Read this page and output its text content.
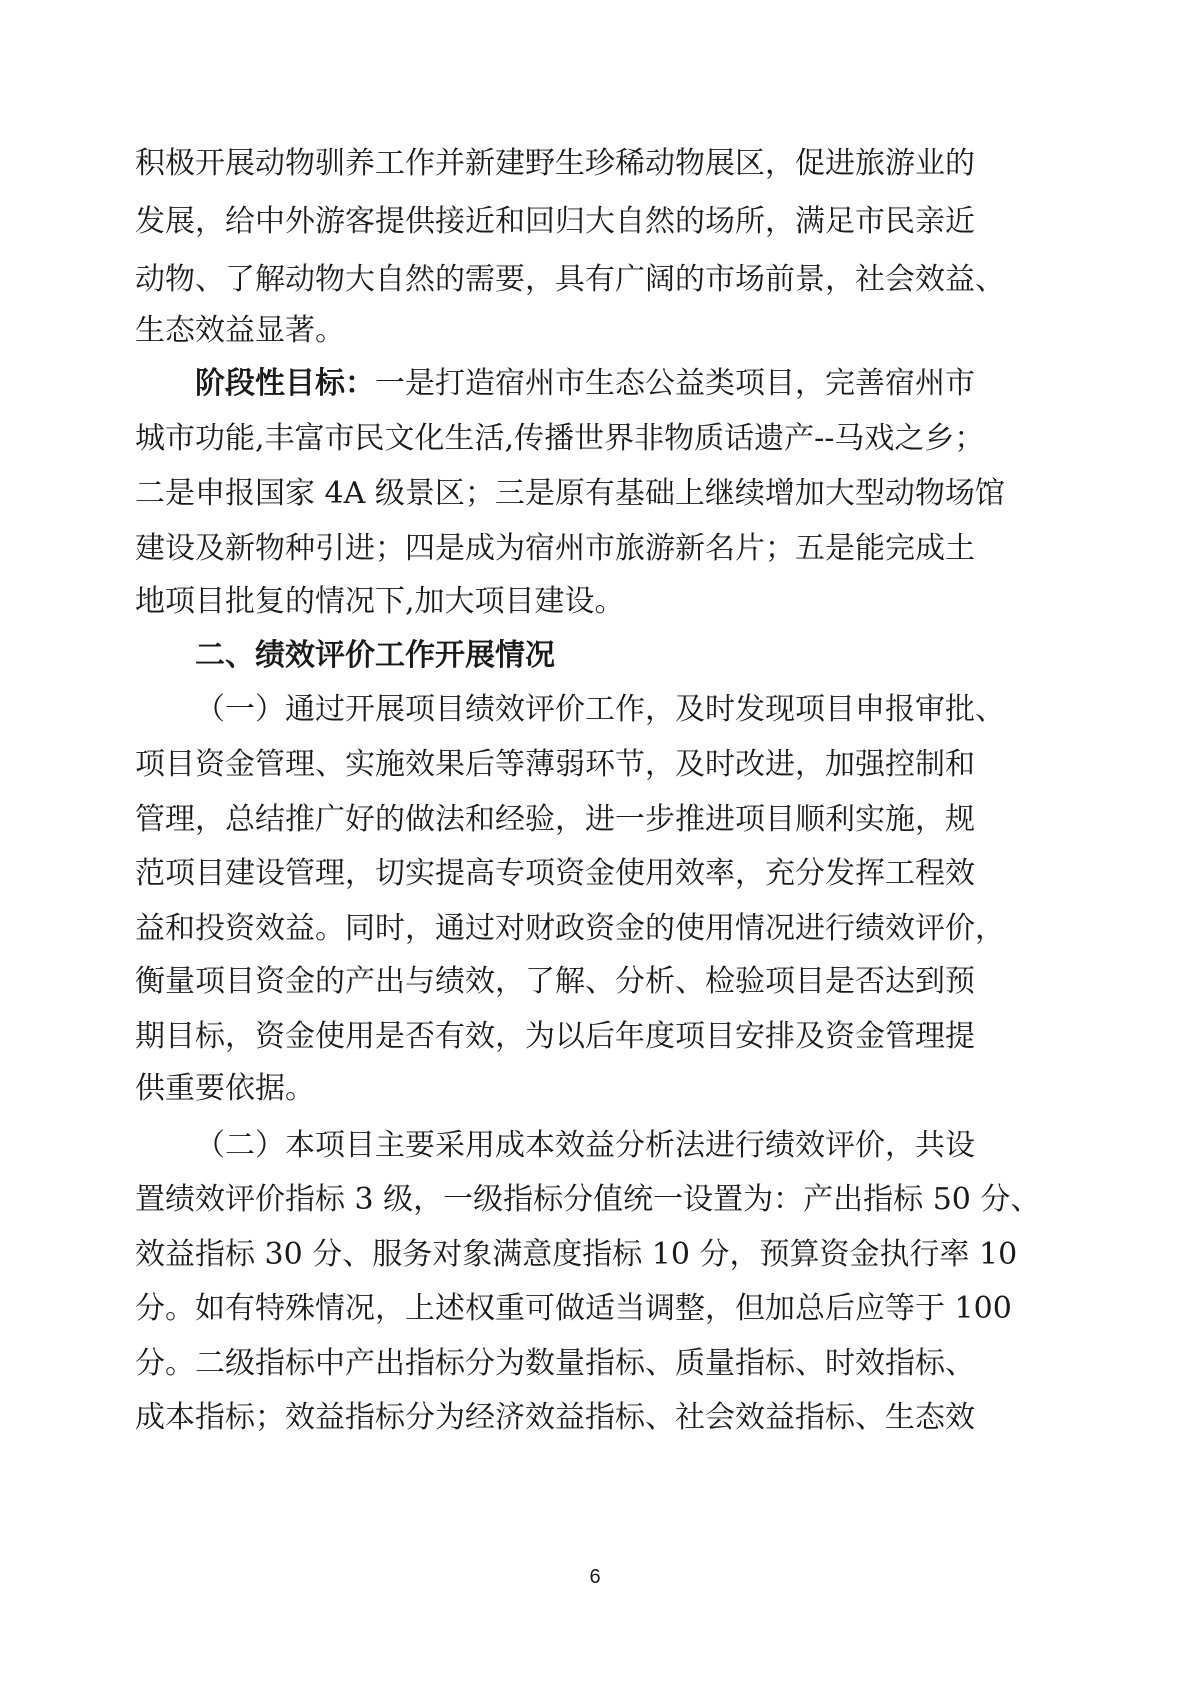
积极开展动物驯养工作并新建野生珍稀动物展区，促进旅游业的

发展，给中外游客提供接近和回归大自然的场所，满足市民亲近

动物、了解动物大自然的需要，具有广阔的市场前景，社会效益、

生态效益显著。

阶段性目标： 一是打造宿州市生态公益类项目，完善宿州市

城市功能,丰富市民文化生活,传播世界非物质话遗产--马戏之乡；

二是申报国家 4A 级景区；三是原有基础上继续增加大型动物场馆

建设及新物种引进；四是成为宿州市旅游新名片；五是能完成土

地项目批复的情况下,加大项目建设。

二、绩效评价工作开展情况

（一）通过开展项目绩效评价工作，及时发现项目申报审批、

项目资金管理、实施效果后等薄弱环节，及时改进，加强控制和

管理，总结推广好的做法和经验，进一步推进项目顺利实施，规

范项目建设管理，切实提高专项资金使用效率，充分发挥工程效

益和投资效益。同时，通过对财政资金的使用情况进行绩效评价，

衡量项目资金的产出与绩效，了解、分析、检验项目是否达到预

期目标，资金使用是否有效，为以后年度项目安排及资金管理提

供重要依据。

（二）本项目主要采用成本效益分析法进行绩效评价，共设

置绩效评价指标 3 级，一级指标分值统一设置为：产出指标 50 分、

效益指标 30 分、服务对象满意度指标 10 分，预算资金执行率 10

分。如有特殊情况，上述权重可做适当调整，但加总后应等于 100

分。二级指标中产出指标分为数量指标、质量指标、时效指标、

成本指标；效益指标分为经济效益指标、社会效益指标、生态效

6
